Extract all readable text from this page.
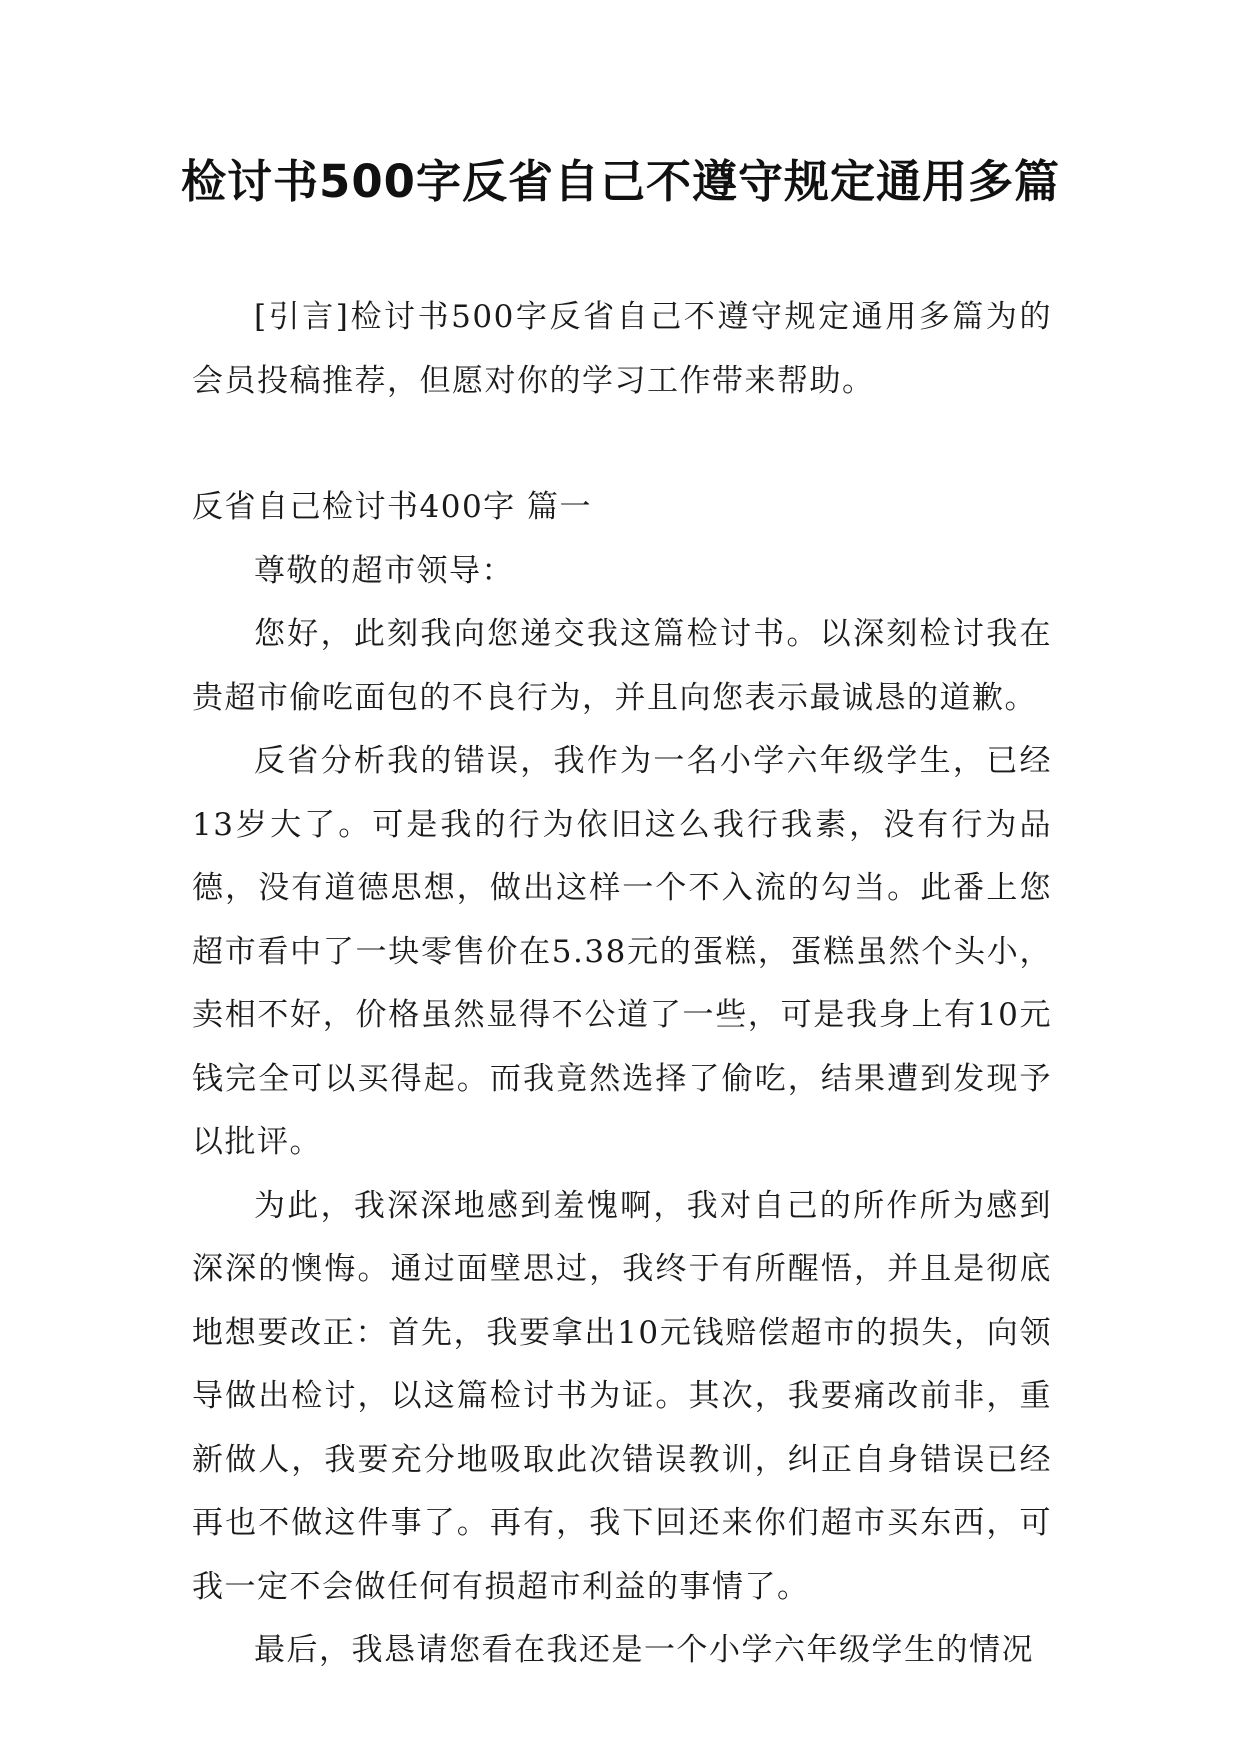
检讨书500字反省自己不遵守规定通用多篇

[引言]检讨书500字反省自己不遵守规定通用多篇为的会员投稿推荐，但愿对你的学习工作带来帮助。

反省自己检讨书400字 篇一

尊敬的超市领导：

您好，此刻我向您递交我这篇检讨书。以深刻检讨我在贵超市偷吃面包的不良行为，并且向您表示最诚恳的道歉。

反省分析我的错误，我作为一名小学六年级学生，已经13岁大了。可是我的行为依旧这么我行我素，没有行为品德，没有道德思想，做出这样一个不入流的勾当。此番上您超市看中了一块零售价在5.38元的蛋糕，蛋糕虽然个头小，卖相不好，价格虽然显得不公道了一些，可是我身上有10元钱完全可以买得起。而我竟然选择了偷吃，结果遭到发现予以批评。

为此，我深深地感到羞愧啊，我对自己的所作所为感到深深的懊悔。通过面壁思过，我终于有所醒悟，并且是彻底地想要改正：首先，我要拿出10元钱赔偿超市的损失，向领导做出检讨，以这篇检讨书为证。其次，我要痛改前非，重新做人，我要充分地吸取此次错误教训，纠正自身错误已经再也不做这件事了。再有，我下回还来你们超市买东西，可我一定不会做任何有损超市利益的事情了。

最后，我恳请您看在我还是一个小学六年级学生的情况
